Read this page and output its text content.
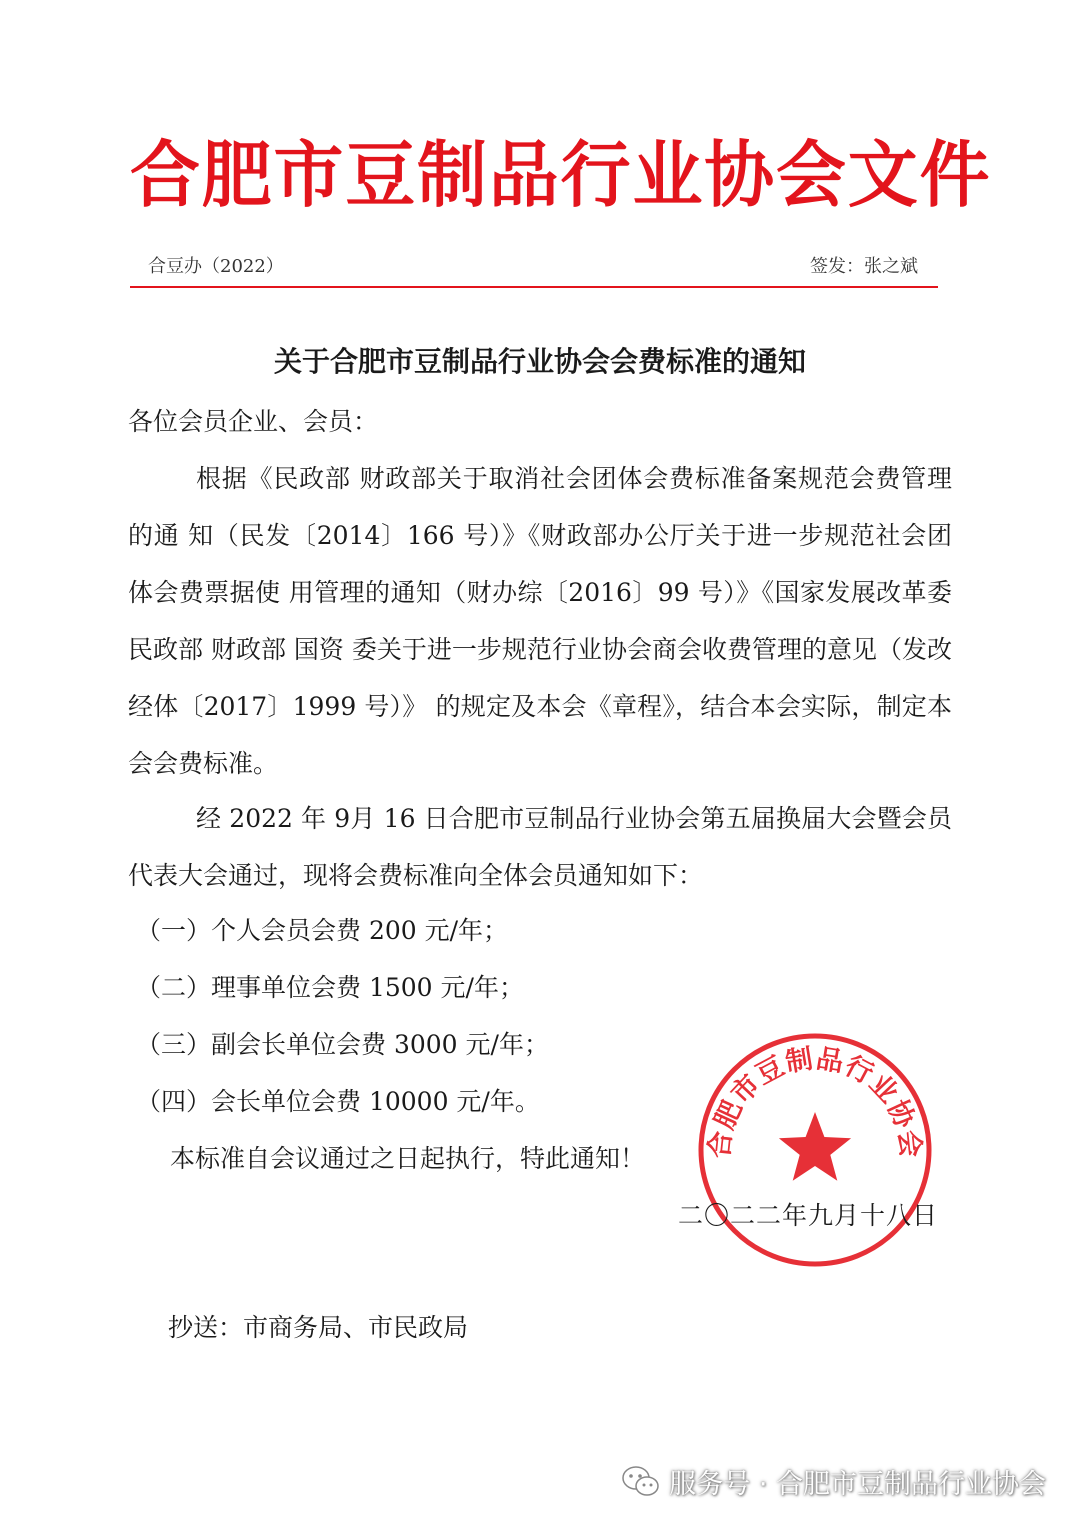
合肥市豆制品行业协会文件
合豆办（2022）	签发：张之斌
关于合肥市豆制品行业协会会费标准的通知
各位会员企业、会员：

根据《民政部 财政部关于取消社会团体会费标准备案规范会费管理的通 知（民发〔2014〕166 号）》《财政部办公厅关于进一步规范社会团体会费票据使 用管理的通知（财办综〔2016〕99 号）》《国家发展改革委 民政部 财政部 国资 委关于进一步规范行业协会商会收费管理的意见（发改经体〔2017〕1999 号）》 的规定及本会《章程》，结合本会实际，制定本会会费标准。

经 2022 年 9月 16 日合肥市豆制品行业协会第五届换届大会暨会员代表大会通过，现将会费标准向全体会员通知如下：

（一）个人会员会费 200 元/年；
（二）理事单位会费 1500 元/年；
（三）副会长单位会费 3000 元/年；
（四）会长单位会费 10000 元/年。
本标准自会议通过之日起执行，特此通知！ 合肥市豆制品行业协会
二〇二二年九月十八日
抄送：市商务局、市民政局
服务号 · 合肥市豆制品行业协会
